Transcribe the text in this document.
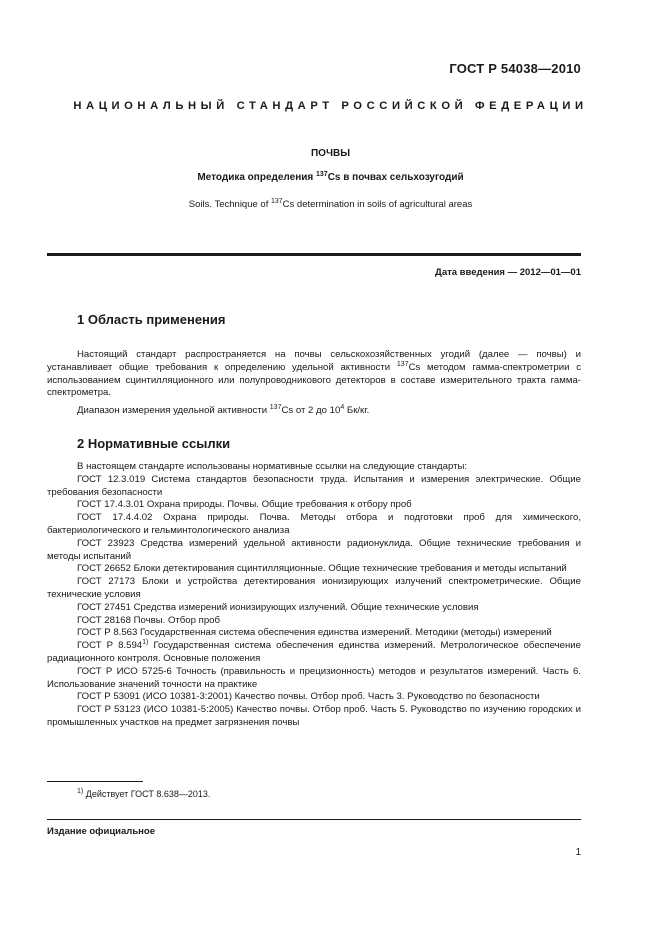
ГОСТ Р 54038—2010
НАЦИОНАЛЬНЫЙ СТАНДАРТ РОССИЙСКОЙ ФЕДЕРАЦИИ
ПОЧВЫ
Методика определения $^{137}$Cs в почвах сельхозугодий
Soils. Technique of $^{137}$Cs determination in soils of agricultural areas
Дата введения — 2012—01—01
1 Область применения
Настоящий стандарт распространяется на почвы сельскохозяйственных угодий (далее — почвы) и устанавливает общие требования к определению удельной активности $^{137}$Cs методом гамма-спектрометрии с использованием сцинтилляционного или полупроводникового детекторов в составе измерительного тракта гамма-спектрометра.
Диапазон измерения удельной активности $^{137}$Cs от 2 до $10^4$ Бк/кг.
2 Нормативные ссылки

В настоящем стандарте использованы нормативные ссылки на следующие стандарты:

ГОСТ 12.3.019 Система стандартов безопасности труда. Испытания и измерения электрические. Общие требования безопасности

ГОСТ 17.4.3.01 Охрана природы. Почвы. Общие требования к отбору проб

ГОСТ 17.4.4.02 Охрана природы. Почва. Методы отбора и подготовки проб для химического, бактериологического и гельминтологического анализа

ГОСТ 23923 Средства измерений удельной активности радионуклида. Общие технические требования и методы испытаний

ГОСТ 26652 Блоки детектирования сцинтилляционные. Общие технические требования и методы испытаний

ГОСТ 27173 Блоки и устройства детектирования ионизирующих излучений спектрометрические. Общие технические условия

ГОСТ 27451 Средства измерений ионизирующих излучений. Общие технические условия

ГОСТ 28168 Почвы. Отбор проб

ГОСТ Р 8.563 Государственная система обеспечения единства измерений. Методики (методы) измерений

ГОСТ Р 8.594$^{1)}$ Государственная система обеспечения единства измерений. Метрологическое обеспечение радиационного контроля. Основные положения

ГОСТ Р ИСО 5725-6 Точность (правильность и прецизионность) методов и результатов измерений. Часть 6. Использование значений точности на практике

ГОСТ Р 53091 (ИСО 10381-3:2001) Качество почвы. Отбор проб. Часть 3. Руководство по безопасности

ГОСТ Р 53123 (ИСО 10381-5:2005) Качество почвы. Отбор проб. Часть 5. Руководство по изучению городских и промышленных участков на предмет загрязнения почвы

$^{1)}$ Действует ГОСТ 8.638—2013.
Издание официальное
1
